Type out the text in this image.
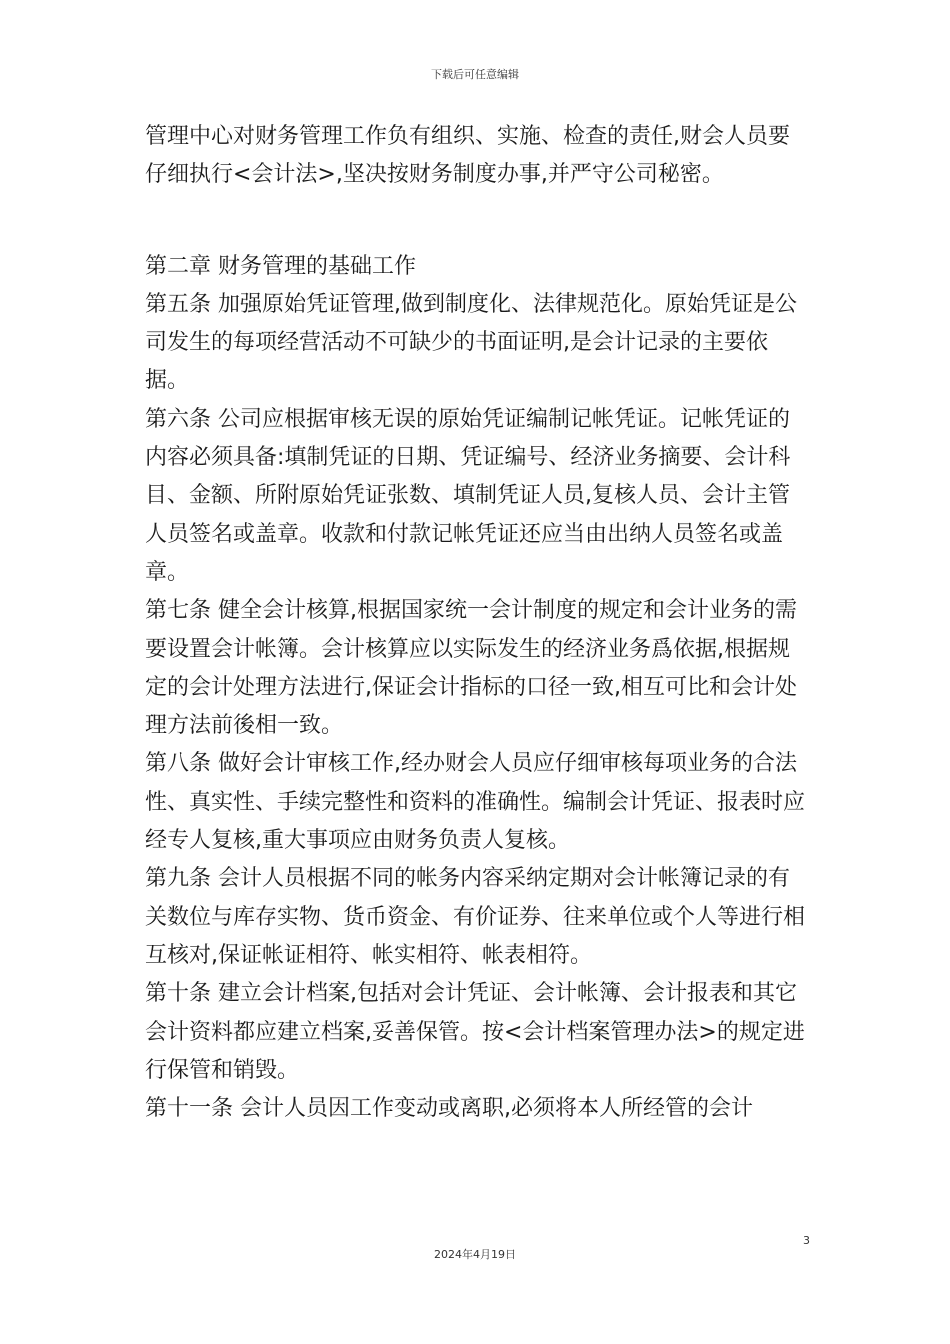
下载后可任意编辑

管理中心对财务管理工作负有组织、实施、检查的责任,财会人员要仔细执行<会计法>,坚决按财务制度办事,并严守公司秘密。

第二章 财务管理的基础工作

第五条 加强原始凭证管理,做到制度化、法律规范化。原始凭证是公司发生的每项经营活动不可缺少的书面证明,是会计记录的主要依据。

第六条 公司应根据审核无误的原始凭证编制记帐凭证。记帐凭证的内容必须具备:填制凭证的日期、凭证编号、经济业务摘要、会计科目、金额、所附原始凭证张数、填制凭证人员,复核人员、会计主管人员签名或盖章。收款和付款记帐凭证还应当由出纳人员签名或盖章。

第七条 健全会计核算,根据国家统一会计制度的规定和会计业务的需要设置会计帐簿。会计核算应以实际发生的经济业务爲依据,根据规定的会计处理方法进行,保证会计指标的口径一致,相互可比和会计处理方法前後相一致。

第八条 做好会计审核工作,经办财会人员应仔细审核每项业务的合法性、真实性、手续完整性和资料的准确性。编制会计凭证、报表时应经专人复核,重大事项应由财务负责人复核。

第九条 会计人员根据不同的帐务内容采纳定期对会计帐簿记录的有关数位与库存实物、货币资金、有价证券、往来单位或个人等进行相互核对,保证帐证相符、帐实相符、帐表相符。

第十条 建立会计档案,包括对会计凭证、会计帐簿、会计报表和其它会计资料都应建立档案,妥善保管。按<会计档案管理办法>的规定进行保管和销毁。

第十一条 会计人员因工作变动或离职,必须将本人所经管的会计

3
2024年4月19日
